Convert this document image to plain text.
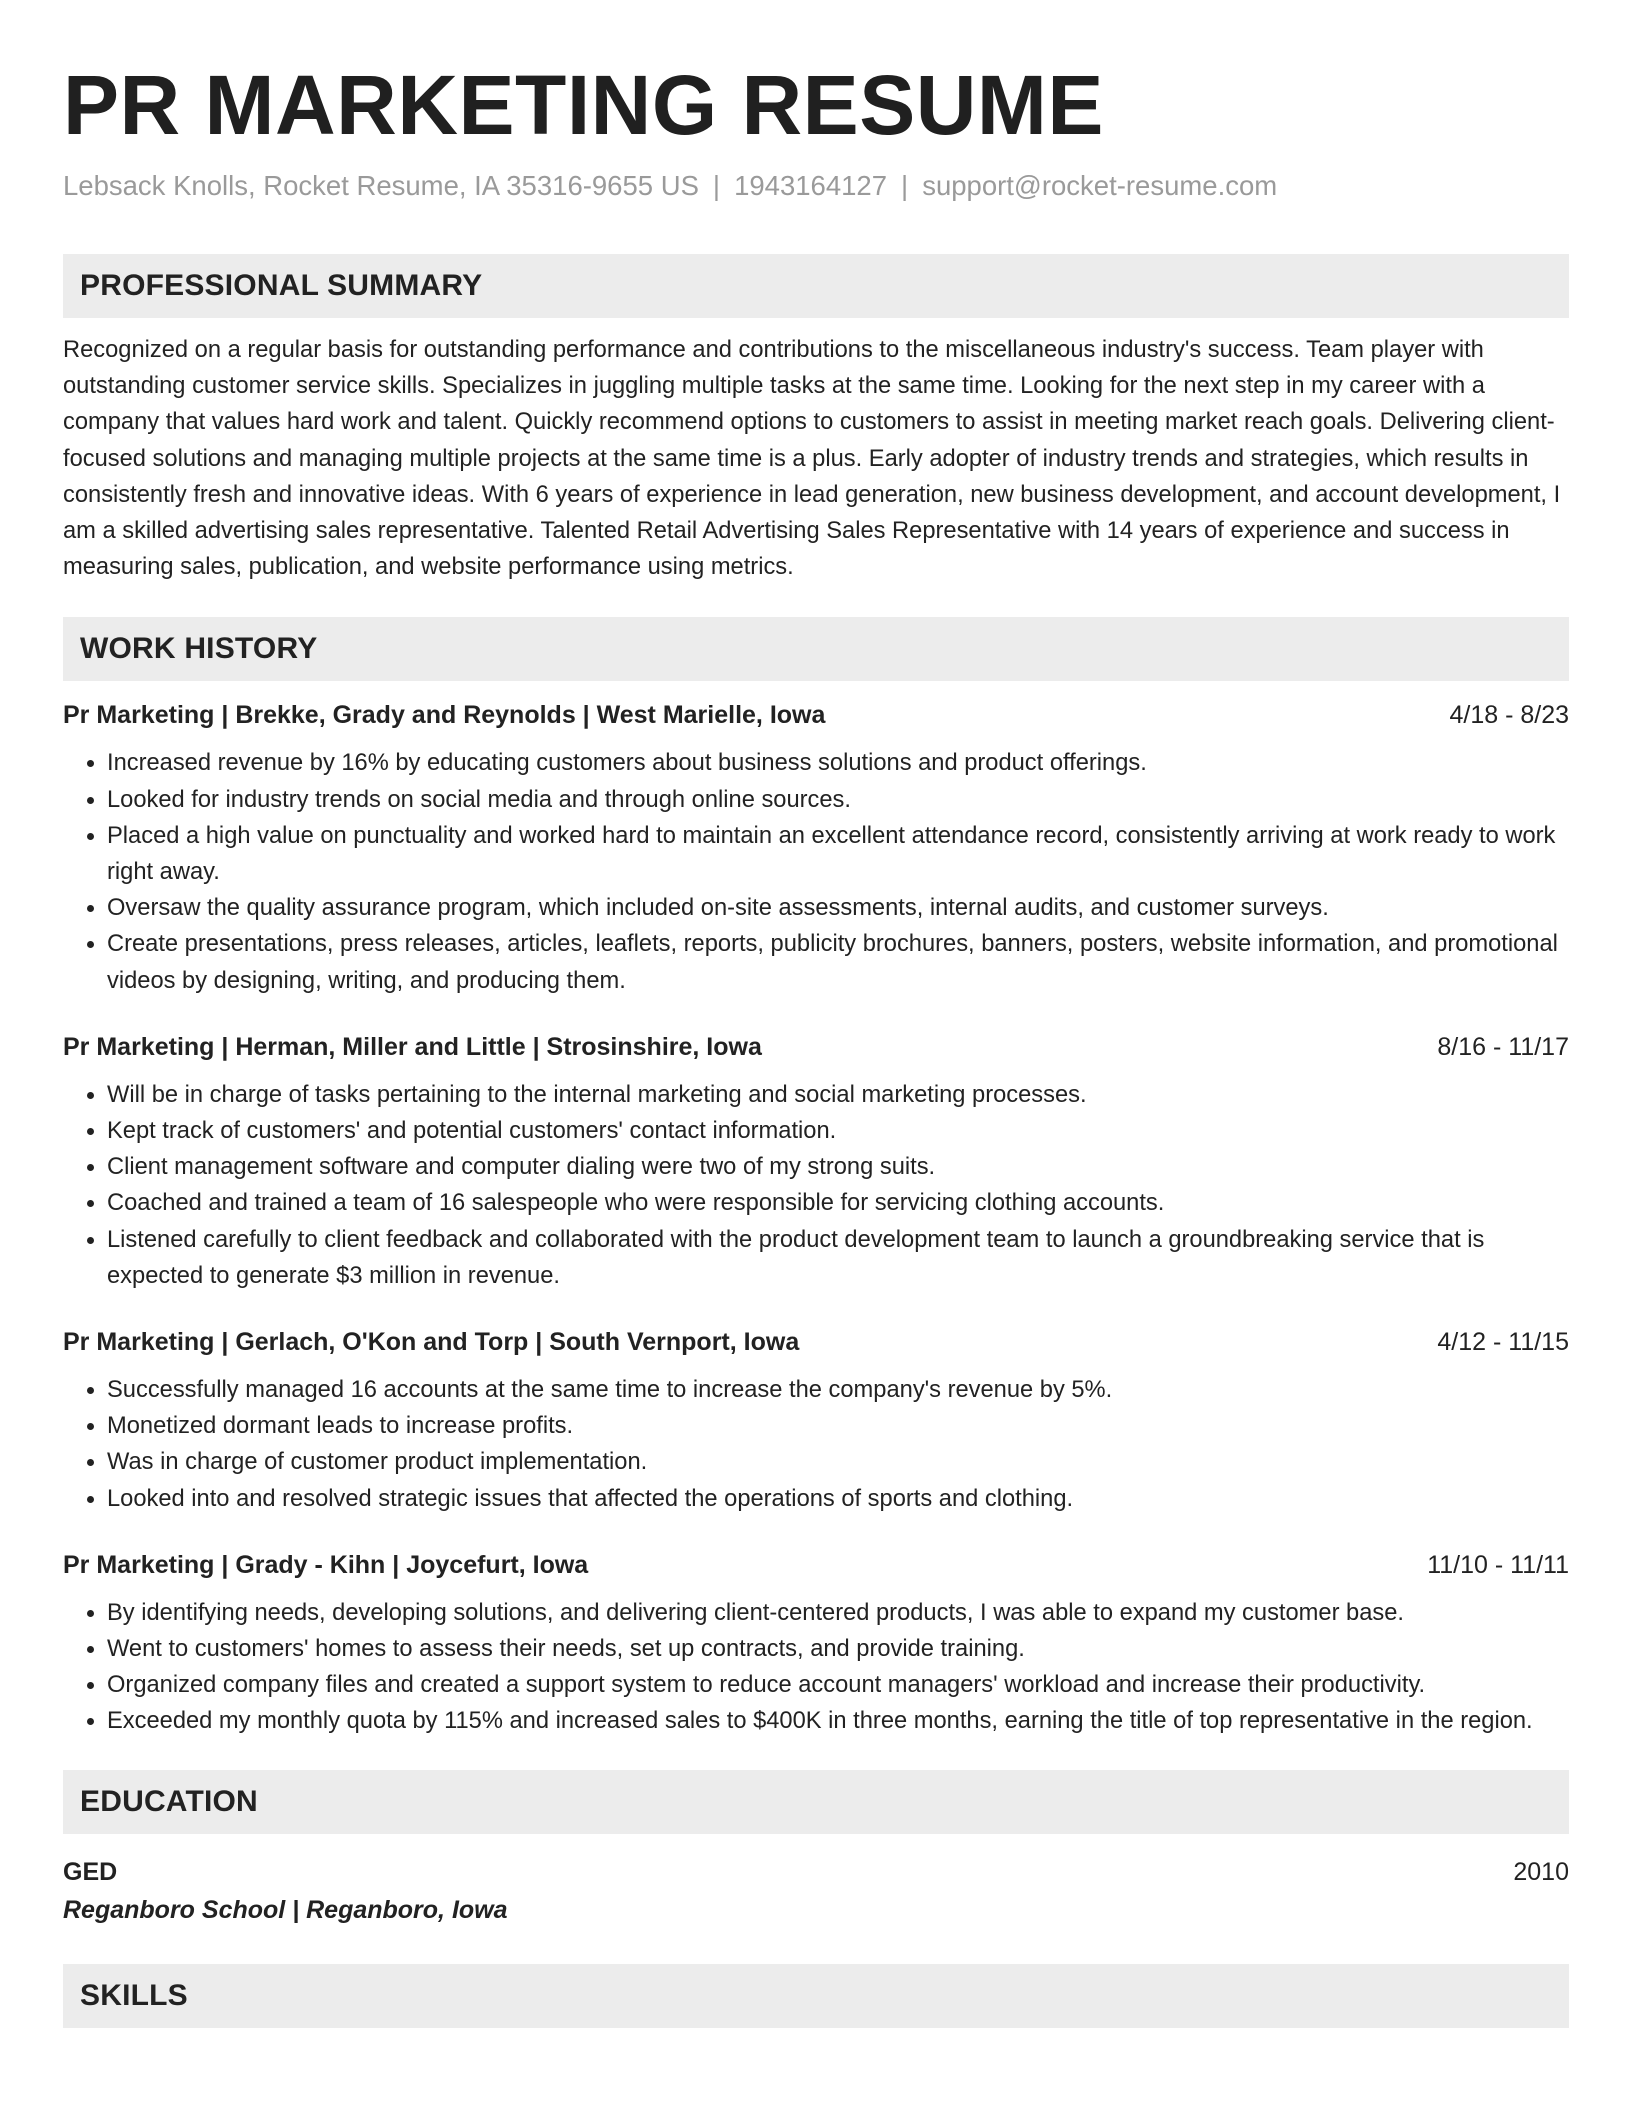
PR MARKETING RESUME
Lebsack Knolls, Rocket Resume, IA 35316-9655 US | 1943164127 | support@rocket-resume.com
PROFESSIONAL SUMMARY

Recognized on a regular basis for outstanding performance and contributions to the miscellaneous industry's success. Team player with outstanding customer service skills. Specializes in juggling multiple tasks at the same time. Looking for the next step in my career with a company that values hard work and talent. Quickly recommend options to customers to assist in meeting market reach goals. Delivering client-focused solutions and managing multiple projects at the same time is a plus. Early adopter of industry trends and strategies, which results in consistently fresh and innovative ideas. With 6 years of experience in lead generation, new business development, and account development, I am a skilled advertising sales representative. Talented Retail Advertising Sales Representative with 14 years of experience and success in measuring sales, publication, and website performance using metrics.

WORK HISTORY
Pr Marketing | Brekke, Grady and Reynolds | West Marielle, Iowa	4/18 - 8/23
• Increased revenue by 16% by educating customers about business solutions and product offerings.
• Looked for industry trends on social media and through online sources.
• Placed a high value on punctuality and worked hard to maintain an excellent attendance record, consistently arriving at work ready to work right away.
• Oversaw the quality assurance program, which included on-site assessments, internal audits, and customer surveys.
• Create presentations, press releases, articles, leaflets, reports, publicity brochures, banners, posters, website information, and promotional videos by designing, writing, and producing them.
Pr Marketing | Herman, Miller and Little | Strosinshire, Iowa	8/16 - 11/17
• Will be in charge of tasks pertaining to the internal marketing and social marketing processes.
• Kept track of customers' and potential customers' contact information.
• Client management software and computer dialing were two of my strong suits.
• Coached and trained a team of 16 salespeople who were responsible for servicing clothing accounts.
• Listened carefully to client feedback and collaborated with the product development team to launch a groundbreaking service that is expected to generate $3 million in revenue.
Pr Marketing | Gerlach, O'Kon and Torp | South Vernport, Iowa	4/12 - 11/15
• Successfully managed 16 accounts at the same time to increase the company's revenue by 5%.
• Monetized dormant leads to increase profits.
• Was in charge of customer product implementation.
• Looked into and resolved strategic issues that affected the operations of sports and clothing.
Pr Marketing | Grady - Kihn | Joycefurt, Iowa	11/10 - 11/11
• By identifying needs, developing solutions, and delivering client-centered products, I was able to expand my customer base.
• Went to customers' homes to assess their needs, set up contracts, and provide training.
• Organized company files and created a support system to reduce account managers' workload and increase their productivity.
• Exceeded my monthly quota by 115% and increased sales to $400K in three months, earning the title of top representative in the region.
EDUCATION
GED	2010
Reganboro School | Reganboro, Iowa
SKILLS
